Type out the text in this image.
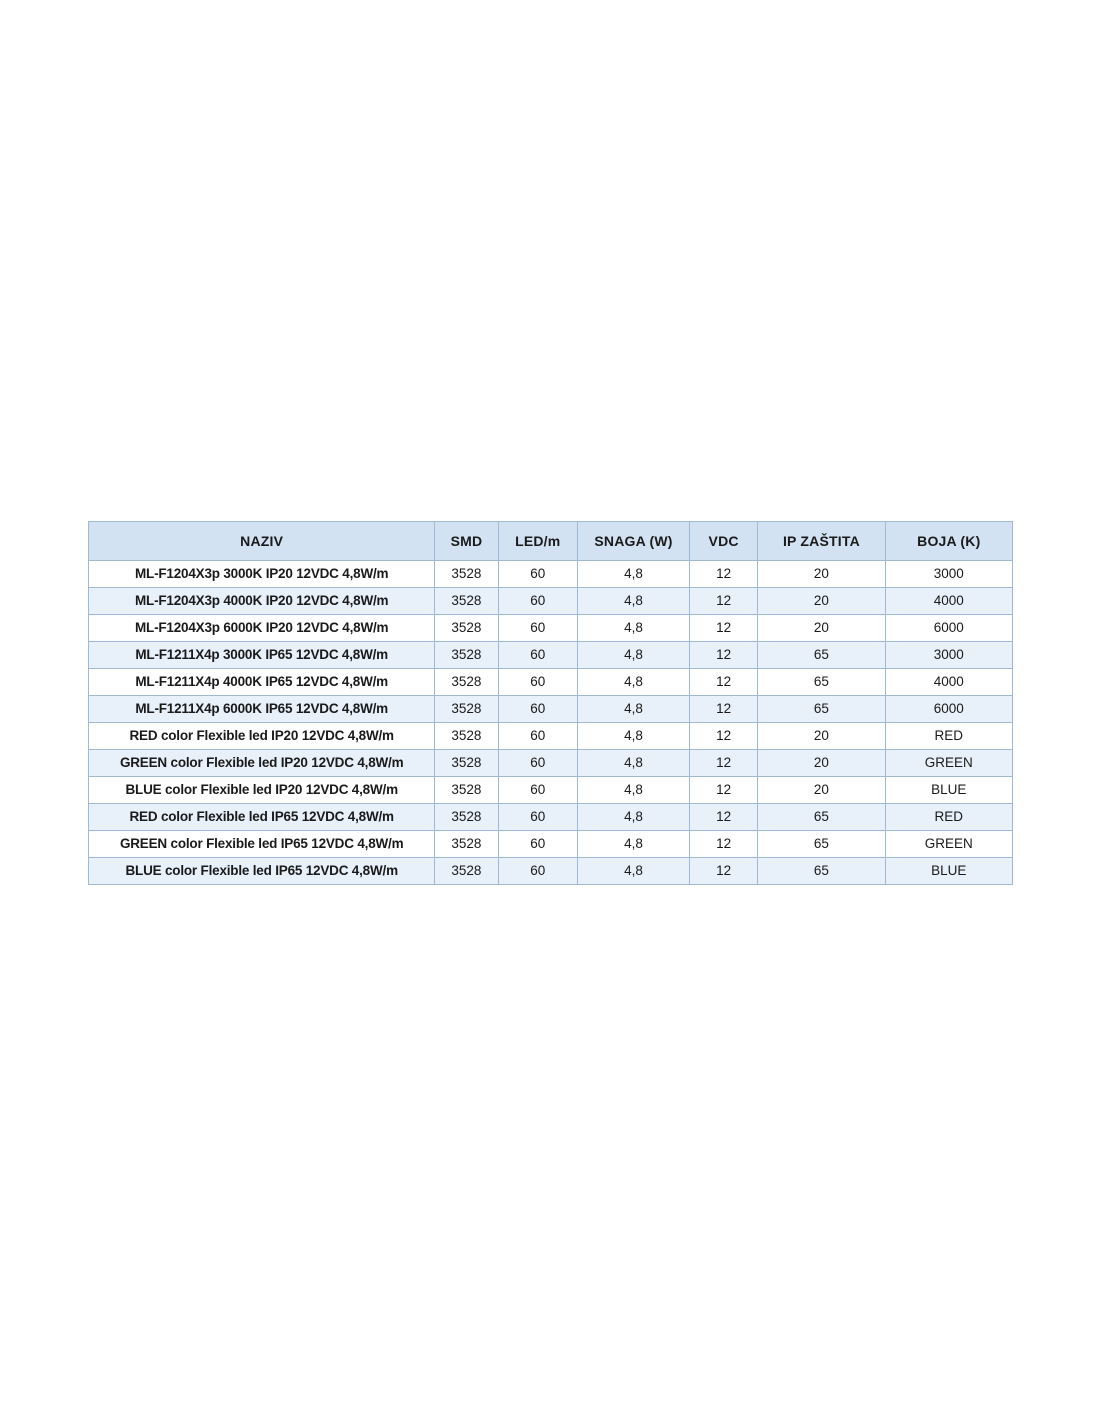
NAZIV	SMD	LED/m	SNAGA (W)	VDC	IP ZAŠTITA	BOJA (K)
ML-F1204X3p 3000K IP20 12VDC 4,8W/m	3528	60	4,8	12	20	3000
ML-F1204X3p 4000K IP20 12VDC 4,8W/m	3528	60	4,8	12	20	4000
ML-F1204X3p 6000K IP20 12VDC 4,8W/m	3528	60	4,8	12	20	6000
ML-F1211X4p 3000K IP65 12VDC 4,8W/m	3528	60	4,8	12	65	3000
ML-F1211X4p 4000K IP65 12VDC 4,8W/m	3528	60	4,8	12	65	4000
ML-F1211X4p 6000K IP65 12VDC 4,8W/m	3528	60	4,8	12	65	6000
RED color Flexible led IP20 12VDC 4,8W/m	3528	60	4,8	12	20	RED
GREEN color Flexible led IP20 12VDC 4,8W/m	3528	60	4,8	12	20	GREEN
BLUE color Flexible led IP20 12VDC 4,8W/m	3528	60	4,8	12	20	BLUE
RED color Flexible led IP65 12VDC 4,8W/m	3528	60	4,8	12	65	RED
GREEN color Flexible led IP65 12VDC 4,8W/m	3528	60	4,8	12	65	GREEN
BLUE color Flexible led IP65 12VDC 4,8W/m	3528	60	4,8	12	65	BLUE
